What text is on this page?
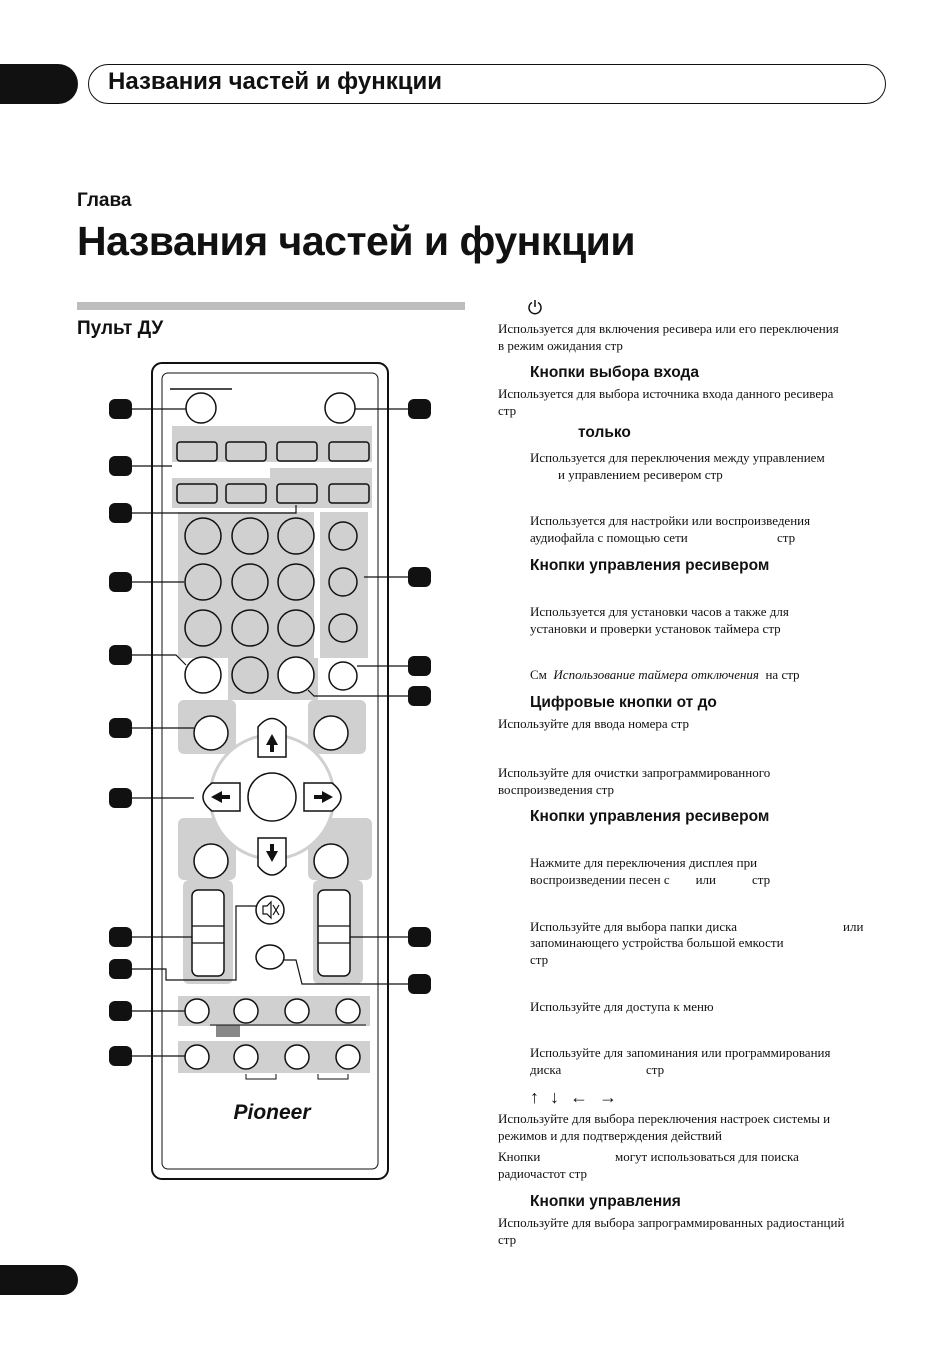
Названия частей и функции
Глава
Названия частей и функции
Пульт ДУ
Pioneer
Используется для включения ресивера или его переключения
в режим ожидания стр
Кнопки выбора входа
Используется для выбора источника входа данного ресивера
стр
только
Используется для переключения между управлением
и управлением ресивером стр
Используется для настройки или воспроизведения
аудиофайла с помощью сети	стр
Кнопки управления ресивером
Используется для установки часов а также для
установки и проверки установок таймера стр
См Использование таймера отключения на стр
Цифровые кнопки от до
Используйте для ввода номера стр
Используйте для очистки запрограммированного
воспроизведения стр
Кнопки управления ресивером
Нажмите для переключения дисплея при
воспроизведении песен с или	стр
Используйте для выбора папки диска	или
запоминающего устройства большой емкости
стр
Используйте для доступа к меню
Используйте для запоминания или программирования
диска	стр
↑ ↓ ← →
Используйте для выбора переключения настроек системы и
режимов и для подтверждения действий
Кнопки	могут использоваться для поиска
радиочастот стр
Кнопки управления
Используйте для выбора запрограммированных радиостанций
стр
